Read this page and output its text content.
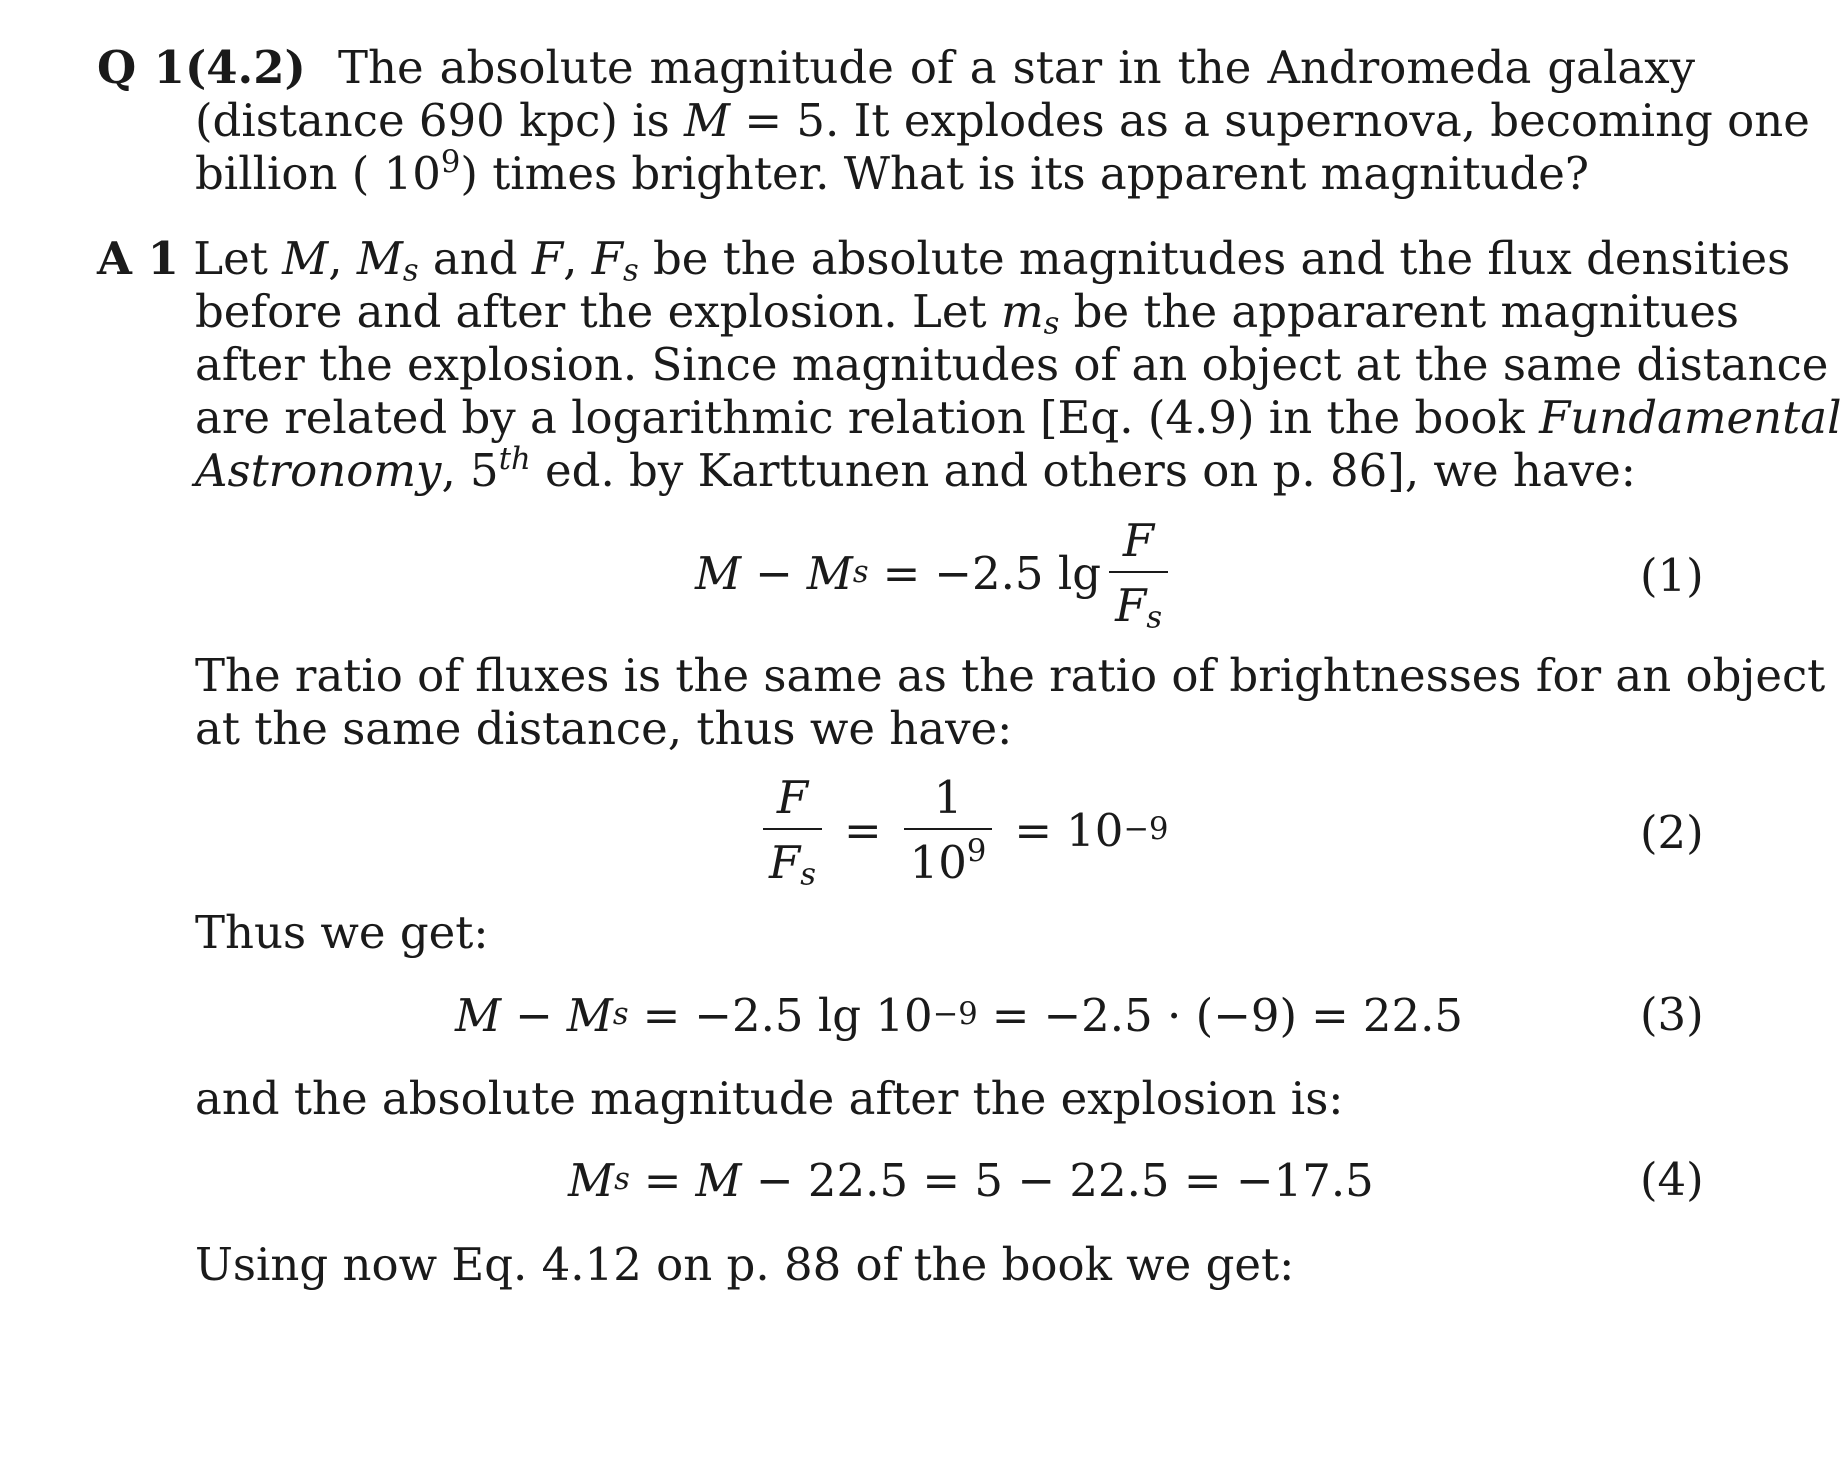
Q 1(4.2) The absolute magnitude of a star in the Andromeda galaxy
(distance 690 kpc) is M = 5. It explodes as a supernova, becoming one
billion ( $10^9$) times brighter. What is its apparent magnitude?
A 1 Let M, $M_s$ and F, $F_s$ be the absolute magnitudes and the flux densities
before and after the explosion. Let $m_s$ be the appararent magnitues
after the explosion. Since magnitudes of an object at the same distance
are related by a logarithmic relation [Eq. (4.9) in the book Fundamental
Astronomy, 5th ed. by Karttunen and others on p. 86], we have:
M − M s = −2.5 $\lg \frac{F}{F_s}$	(1)
The ratio of fluxes is the same as the ratio of brightnesses for an object
at the same distance, thus we have:
$\frac{F}{F_s} = \frac{1}{10^9} = 10 -9$	(2)
Thus we get:
M − M s = −2.5 lg 10 −9 = −2.5 · (−9) = 22.5	(3)
and the absolute magnitude after the explosion is:
M s = M
− 22.5 = 5 − 22.5 = −17.5	(4)
Using now Eq. 4.12 on p. 88 of the book we get:
